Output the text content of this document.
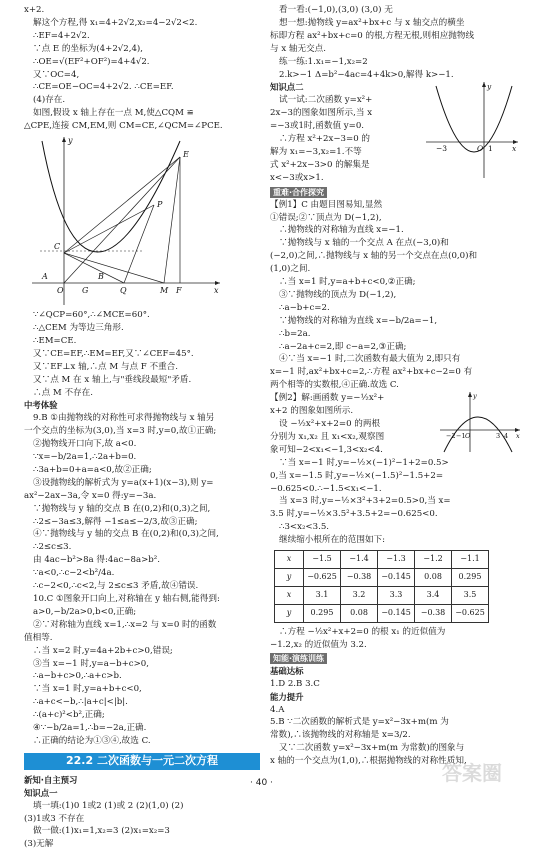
x+2.
解这个方程,得 x₁=4+2√2,x₂=4−2√2<2.
∴EF=4+2√2.
∵点 E 的坐标为(4+2√2,4),
∴OE=√(EF²+OF²)=4+4√2.
又∵OC=4,
∴CE=OE−OC=4+2√2. ∴CE=EF.
(4)存在.
如图,假设 x 轴上存在一点 M,使△CQM ≌
△CPE,连接 CM,EM,则 CM=CE,∠QCM=∠PCE.
E
P
C
A	B
O G	Q	F
M	x
y
∵∠QCP=60°,∴∠MCE=60°.
∴△CEM 为等边三角形.
∴EM=CE.
又∵CE=EF,∴EM=EF,又∵∠CEF=45°.
又∵EF⊥x 轴,∴点 M 与点 F 不重合.
又∵点 M 在 x 轴上,与"垂线段最短"矛盾.
∴点 M 不存在.
中考体验
9.B ①由抛物线的对称性可求得抛物线与 x 轴另
一个交点的坐标为(3,0),当 x=3 时,y=0,故①正确;
②抛物线开口向下,故 a<0.
∵x=−b/2a=1,∴2a+b=0.
∴3a+b=0+a=a<0,故②正确;
③设抛物线的解析式为 y=a(x+1)(x−3),则 y=
ax²−2ax−3a,令 x=0 得:y=−3a.
∵抛物线与 y 轴的交点 B 在(0,2)和(0,3)之间,
∴2≤−3a≤3,解得 −1≤a≤−2/3,故③正确;
④∵抛物线与 y 轴的交点 B 在(0,2)和(0,3)之间,
∴2≤c≤3.
由 4ac−b²>8a 得:4ac−8a>b².
∵a<0,∴c−2<b²/4a.
∴c−2<0,∴c<2,与 2≤c≤3 矛盾,故④错误.
10.C ①图象开口向上,对称轴在 y 轴右侧,能得到:
a>0,−b/2a>0,b<0,正确;
②∵对称轴为直线 x=1,∴x=2 与 x=0 时的函数
值相等.
∴当 x=2 时,y=4a+2b+c>0,错误;
③当 x=−1 时,y=a−b+c>0,
∴a−b+c>0,∴a+c>b.
∵当 x=1 时,y=a+b+c<0,
∴a+c<−b,∴|a+c|<|b|.
∴(a+c)²<b²,正确;
④∵−b/2a=1,∴b=−2a,正确.
∴正确的结论为①③④,故选 C.
22.2 二次函数与一元二次方程
新知·自主预习
知识点一
填一填:(1)0 1或2 (1)或 2 (2)(1,0) (2)
(3)1或3 不存在
做一做:(1)x₁=1,x₂=3 (2)x₁=x₂=3
(3)无解
看一看:(−1,0),(3,0) (3,0) 无
想一想:抛物线 y=ax²+bx+c 与 x 轴交点的横坐
标即方程 ax²+bx+c=0 的根,方程无根,则相应抛物线
与 x 轴无交点.
练一练:1.x₁=−1,x₂=2
2.k>−1 Δ=b²−4ac=4+4k>0,解得 k>−1.
知识点二
试一试:二次函数 y=x²+
2x−3的图象如图所示,当 x
=−3或1时,函数值 y=0.
∴方程 x²+2x−3=0 的
解为 x₁=−3,x₂=1.不等
式 x²+2x−3>0 的解集是
x<−3或x>1.
y
x
−3	1
O
重难·合作探究
【例1】C 由题目图易知,显然
①错误;②∵顶点为 D(−1,2),
∴抛物线的对称轴为直线 x=−1.
∵抛物线与 x 轴的一个交点 A 在点(−3,0)和
(−2,0)之间,∴抛物线与 x 轴的另一个交点在点(0,0)和
(1,0)之间.
∴当 x=1 时,y=a+b+c<0,②正确;
③∵抛物线的顶点为 D(−1,2),
∴a−b+c=2.
∵抛物线的对称轴为直线 x=−b/2a=−1,
∴b=2a.
∴a−2a+c=2,即 c−a=2,③正确;
④∵当 x=−1 时,二次函数有最大值为 2,即只有
x=−1 时,ax²+bx+c=2,∴方程 ax²+bx+c−2=0 有
两个相等的实数根,④正确.故选 C.
【例2】解:画函数 y=−½x²+
x+2 的图象如图所示.
设 −½x²+x+2=0 的两根
分别为 x₁,x₂ 且 x₁<x₂,观察图
象可知−2<x₁<−1,3<x₂<4.
∵当 x=−1 时,y=−½×(−1)²−1+2=0.5>
0,当 x=−1.5 时,y=−½×(−1.5)²−1.5+2=
−0.625<0.∴−1.5<x₁<−1.
当 x=3 时,y=−½×3²+3+2=0.5>0,当 x=
3.5 时,y=−½×3.5²+3.5+2=−0.625<0.
∴3<x₂<3.5.
继续缩小根所在的范围如下:
y
x
−2 −1 O	3 4
x	−1.5	−1.4	−1.3	−1.2	−1.1
y	−0.625	−0.38	−0.145	0.08	0.295
x	3.1	3.2	3.3	3.4	3.5
y	0.295	0.08	−0.145	−0.38	−0.625
∴方程 −½x²+x+2=0 的根 x₁ 的近似值为
−1.2,x₂ 的近似值为 3.2.
知能·演练训练
基础达标
1.D 2.B 3.C
能力提升
4.A
5.B ∵二次函数的解析式是 y=x²−3x+m(m 为
常数),∴该抛物线的对称轴是 x=3/2.
又∵二次函数 y=x²−3x+m(m 为常数)的图象与
x 轴的一个交点为(1,0),∴根据抛物线的对称性质知,
· 40 ·	答案圈
